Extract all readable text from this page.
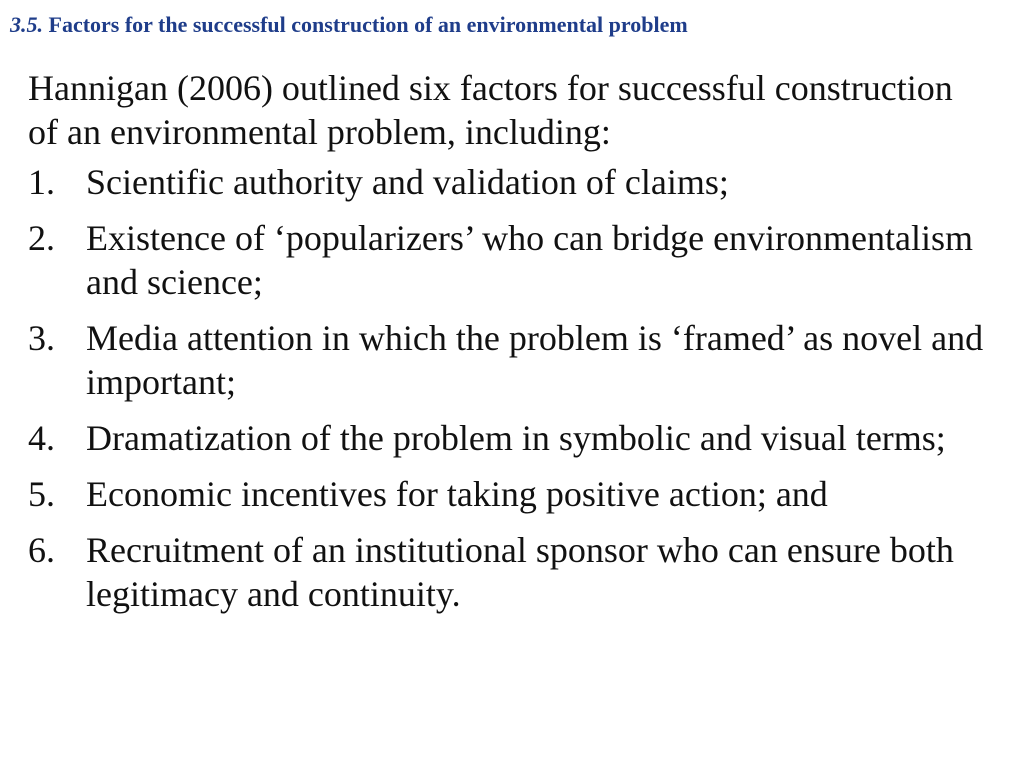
3.5. Factors for the successful construction of an environmental problem

Hannigan (2006) outlined six factors for successful construction of an environmental problem, including:

1. Scientific authority and validation of claims;
2. Existence of ‘popularizers’ who can bridge environmentalism and science;
3. Media attention in which the problem is ‘framed’ as novel and important;
4. Dramatization of the problem in symbolic and visual terms;
5. Economic incentives for taking positive action; and
6. Recruitment of an institutional sponsor who can ensure both legitimacy and continuity.
